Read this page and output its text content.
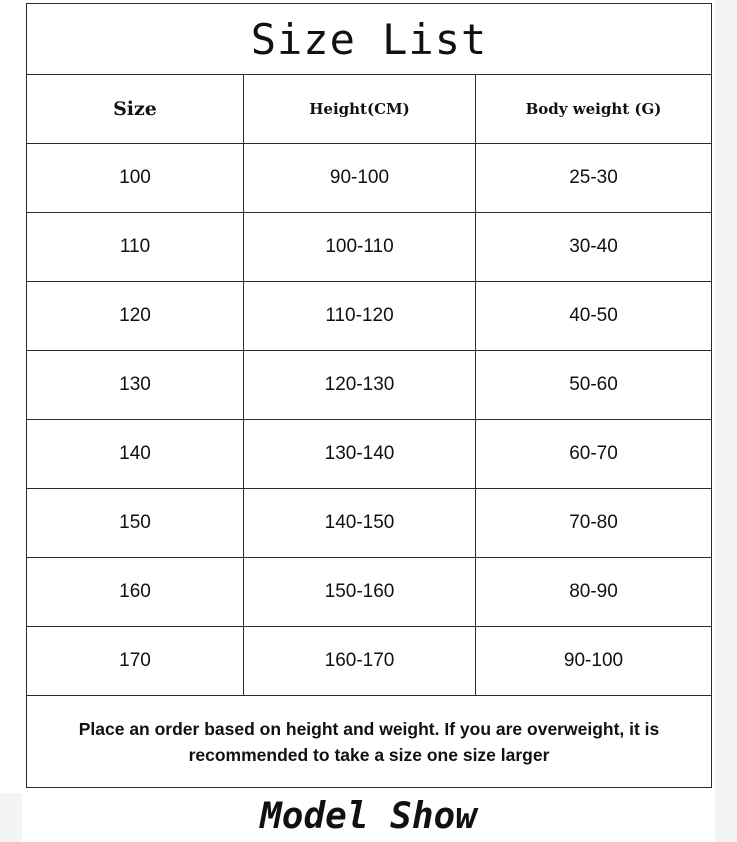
Size List		
Size	Height(CM)	Body weight (G)
100	90-100	25-30
110	100-110	30-40
120	110-120	40-50
130	120-130	50-60
140	130-140	60-70
150	140-150	70-80
160	150-160	80-90
170	160-170	90-100
Place an order based on height and weight. If you are overweight, it is recommended to take a size one size larger		
Model Show
